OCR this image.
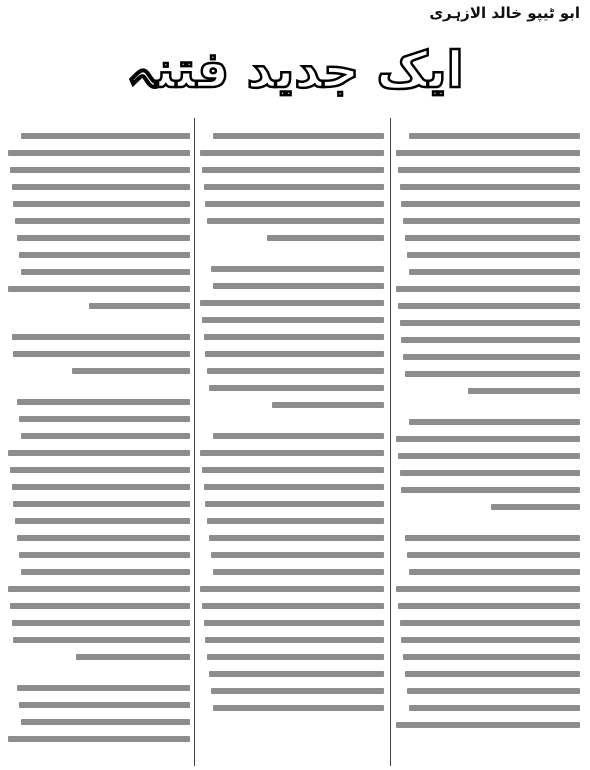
ابو ٹیپو خالد الازہری
ایک جدید فتنہ
